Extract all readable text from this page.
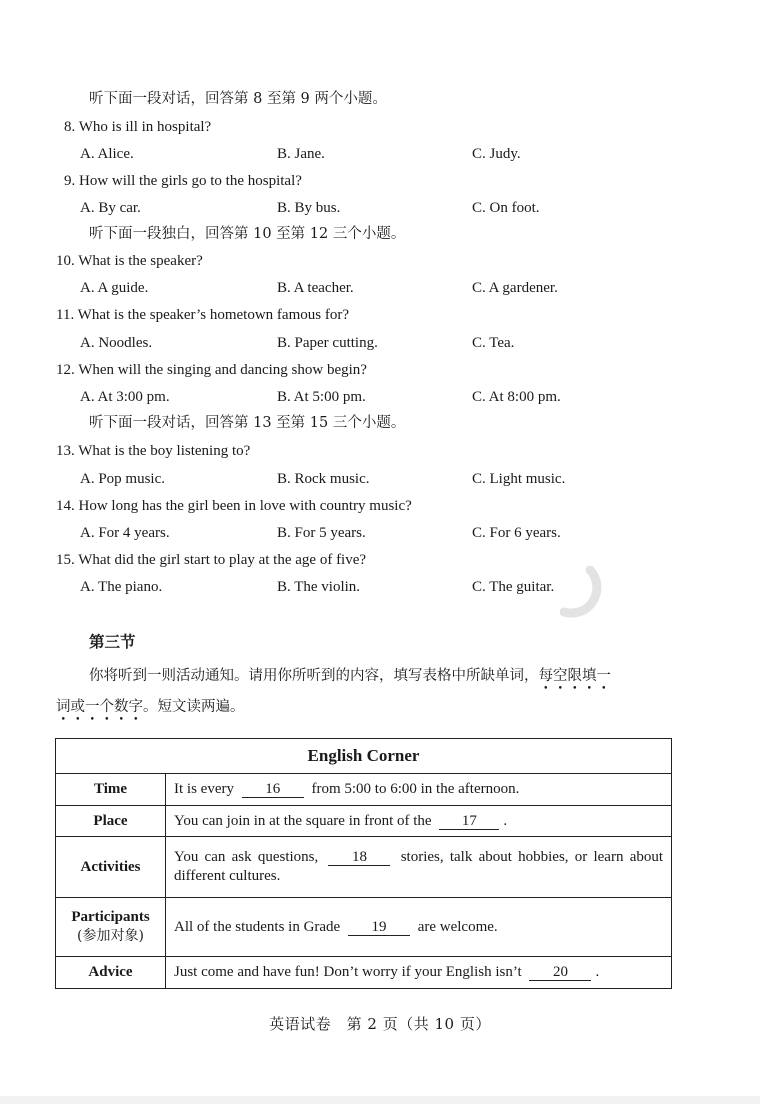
听下面一段对话，回答第 8 至第 9 两个小题。
8. Who is ill in hospital?
A. Alice.	B. Jane.	C. Judy.
9. How will the girls go to the hospital?
A. By car.	B. By bus.	C. On foot.
听下面一段独白，回答第 10 至第 12 三个小题。
10. What is the speaker?
A. A guide.	B. A teacher.	C. A gardener.
11. What is the speaker’s hometown famous for?
A. Noodles.	B. Paper cutting.	C. Tea.
12. When will the singing and dancing show begin?
A. At 3:00 pm.	B. At 5:00 pm.	C. At 8:00 pm.
听下面一段对话，回答第 13 至第 15 三个小题。
13. What is the boy listening to?
A. Pop music.	B. Rock music.	C. Light music.
14. How long has the girl been in love with country music?
A. For 4 years.	B. For 5 years.	C. For 6 years.
15. What did the girl start to play at the age of five?
A. The piano.	B. The violin.	C. The guitar.
第三节
你将听到一则活动通知。请用你所听到的内容，填写表格中所缺单词，每空限填一
词或一个数字。短文读两遍。
English Corner	
Time	It is every 16 from 5:00 to 6:00 in the afternoon.
Place	You can join in at the square in front of the 17 .
Activities	You can ask questions, 18 stories, talk about hobbies, or learn about different cultures.

Participants
(参加对象)	All of the students in Grade 19 are welcome.
Advice	Just come and have fun! Don’t worry if your English isn’t 20 .
英语试卷　第 2 页（共 10 页）
